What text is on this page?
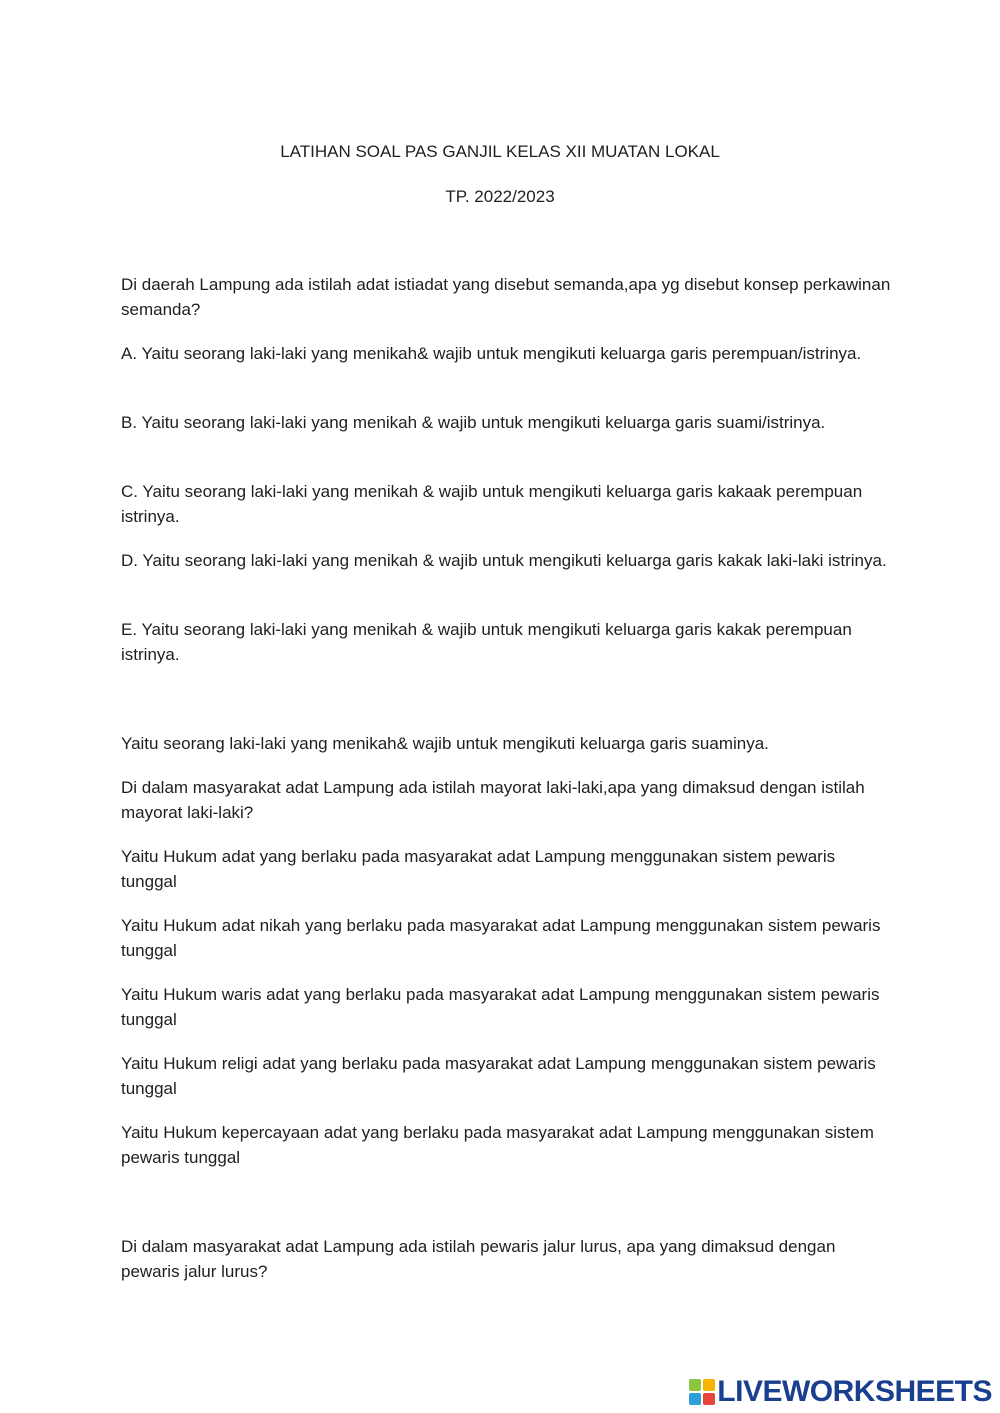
LATIHAN SOAL PAS GANJIL KELAS XII MUATAN LOKAL
TP. 2022/2023

Di daerah Lampung ada istilah adat istiadat yang disebut semanda,apa yg disebut konsep perkawinan semanda?

A. Yaitu seorang laki-laki yang menikah& wajib untuk mengikuti keluarga garis perempuan/istrinya.

B. Yaitu seorang laki-laki yang menikah & wajib untuk mengikuti keluarga garis suami/istrinya.

C. Yaitu seorang laki-laki yang menikah & wajib untuk mengikuti keluarga garis kakaak perempuan istrinya.

D. Yaitu seorang laki-laki yang menikah & wajib untuk mengikuti keluarga garis kakak laki-laki istrinya.

E. Yaitu seorang laki-laki yang menikah & wajib untuk mengikuti keluarga garis kakak perempuan istrinya.

Yaitu seorang laki-laki yang menikah& wajib untuk mengikuti keluarga garis suaminya.

Di dalam masyarakat adat Lampung ada istilah mayorat laki-laki,apa yang dimaksud dengan istilah mayorat laki-laki?

Yaitu Hukum adat yang berlaku pada masyarakat adat Lampung menggunakan sistem pewaris tunggal

Yaitu Hukum adat nikah yang berlaku pada masyarakat adat Lampung menggunakan sistem pewaris tunggal

Yaitu Hukum waris adat yang berlaku pada masyarakat adat Lampung menggunakan sistem pewaris tunggal

Yaitu Hukum religi adat yang berlaku pada masyarakat adat Lampung menggunakan sistem pewaris tunggal

Yaitu Hukum kepercayaan adat yang berlaku pada masyarakat adat Lampung menggunakan sistem pewaris tunggal

Di dalam masyarakat adat Lampung ada istilah pewaris jalur lurus, apa yang dimaksud dengan pewaris jalur lurus?

LIVEWORKSHEETS
